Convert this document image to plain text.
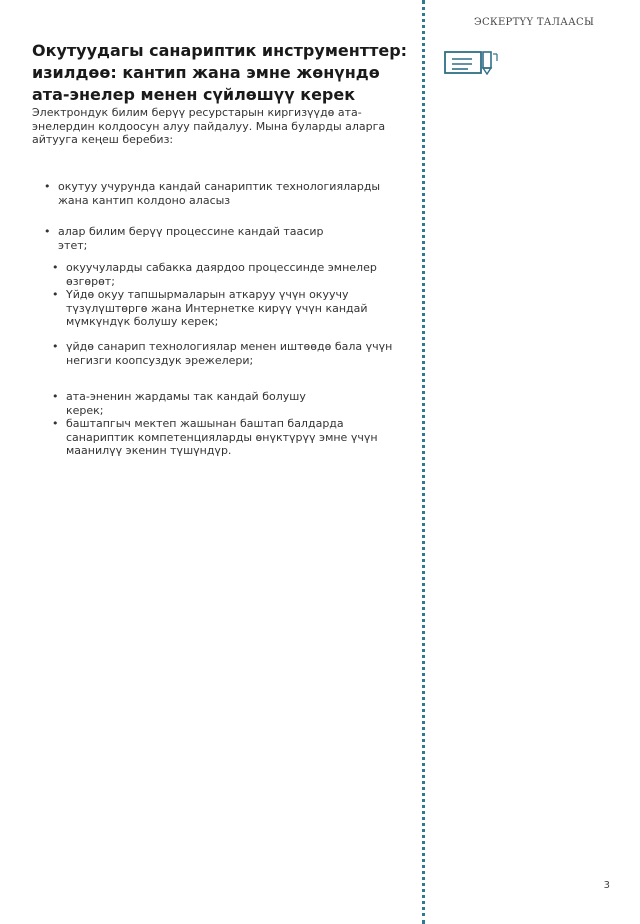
Окутуудагы санариптик инструменттер: изилдөө: кантип жана эмне жөнүндө ата-энелер менен сүйлөшүү керек

Электрондук билим берүү ресурстарын киргизүүдө ата-энелердин колдоосун алуу пайдалуу. Мына буларды аларга айтууга кеңеш беребиз:

• окутуу учурунда кандай санариптик технологияларды жана кантип колдоно аласыз
• алар билим берүү процессине кандай таасир этет;
• окуучуларды сабакка даярдоо процессинде эмнелер өзгөрөт;
• Үйдө окуу тапшырмаларын аткаруу үчүн окуучу түзүлүштөргө жана Интернетке кирүү үчүн кандай мүмкүндүк болушу керек;
• үйдө санарип технологиялар менен иштөөдө бала үчүн негизги коопсуздук эрежелери;
• ата-эненин жардамы так кандай болушу керек;
• баштапгыч мектеп жашынан баштап балдарда санариптик компетенцияларды өнүктүрүү эмне үчүн маанилүү экенин түшүндүр.
ЭСКЕРТҮҮ ТАЛААСЫ
3
